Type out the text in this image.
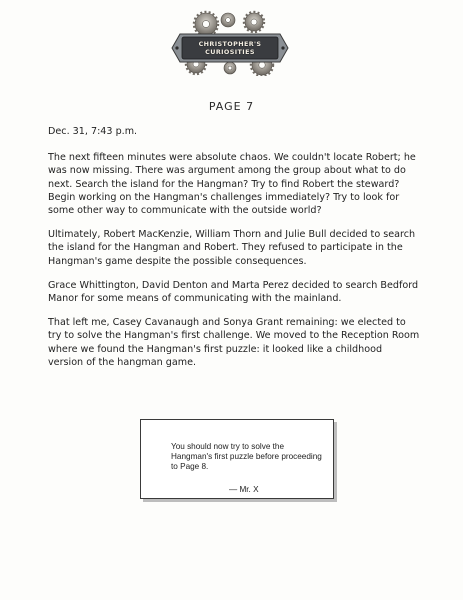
CHRISTOPHER'S
CURIOSITIES
PAGE 7

Dec. 31, 7:43 p.m.

The next fifteen minutes were absolute chaos. We couldn't locate Robert; he was now missing. There was argument among the group about what to do next. Search the island for the Hangman? Try to find Robert the steward? Begin working on the Hangman's challenges immediately? Try to look for some other way to communicate with the outside world?

Ultimately, Robert MacKenzie, William Thorn and Julie Bull decided to search the island for the Hangman and Robert. They refused to participate in the Hangman's game despite the possible consequences.

Grace Whittington, David Denton and Marta Perez decided to search Bedford Manor for some means of communicating with the mainland.

That left me, Casey Cavanaugh and Sonya Grant remaining: we elected to try to solve the Hangman's first challenge. We moved to the Reception Room where we found the Hangman's first puzzle: it looked like a childhood version of the hangman game.

You should now try to solve the Hangman's first puzzle before proceeding to Page 8.
— Mr. X
